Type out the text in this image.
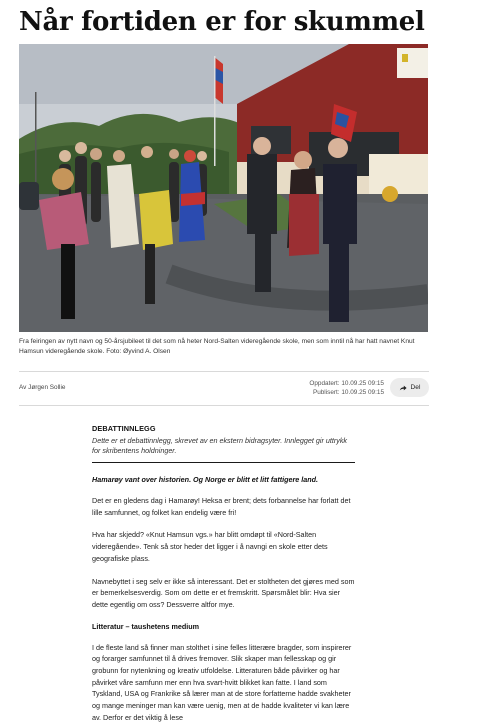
Når fortiden er for skummel

Fra feiringen av nytt navn og 50-årsjubileet til det som nå heter Nord-Salten videregående skole, men som inntil nå har hatt navnet Knut Hamsun videregående skole. Foto: Øyvind A. Olsen

Av Jørgen Sollie
Oppdatert: 10.09.25 09:15
Publisert: 10.09.25 09:15
Del
DEBATTINNLEGG

Dette er et debattinnlegg, skrevet av en ekstern bidragsyter. Innlegget gir uttrykk for skribentens holdninger.

Hamarøy vant over historien. Og Norge er blitt et litt fattigere land.

Det er en gledens dag i Hamarøy! Heksa er brent; dets forbannelse har forlatt det lille samfunnet, og folket kan endelig være fri!

Hva har skjedd? «Knut Hamsun vgs.» har blitt omdøpt til «Nord-Salten videregående». Tenk så stor heder det ligger i å navngi en skole etter dets geografiske plass.

Navnebyttet i seg selv er ikke så interessant. Det er stoltheten det gjøres med som er bemerkelsesverdig. Som om dette er et fremskritt. Spørsmålet blir: Hva sier dette egentlig om oss? Dessverre altfor mye.

Litteratur – taushetens medium

I de fleste land så finner man stolthet i sine felles litterære bragder, som inspirerer og forarger samfunnet til å drives fremover. Slik skaper man fellesskap og gir grobunn for nytenkning og kreativ utfoldelse. Litteraturen både påvirker og har påvirket våre samfunn mer enn hva svart-hvitt blikket kan fatte. I land som Tyskland, USA og Frankrike så lærer man at de store forfatterne hadde svakheter og mange meninger man kan være uenig, men at de hadde kvaliteter vi kan lære av. Derfor er det viktig å lese
